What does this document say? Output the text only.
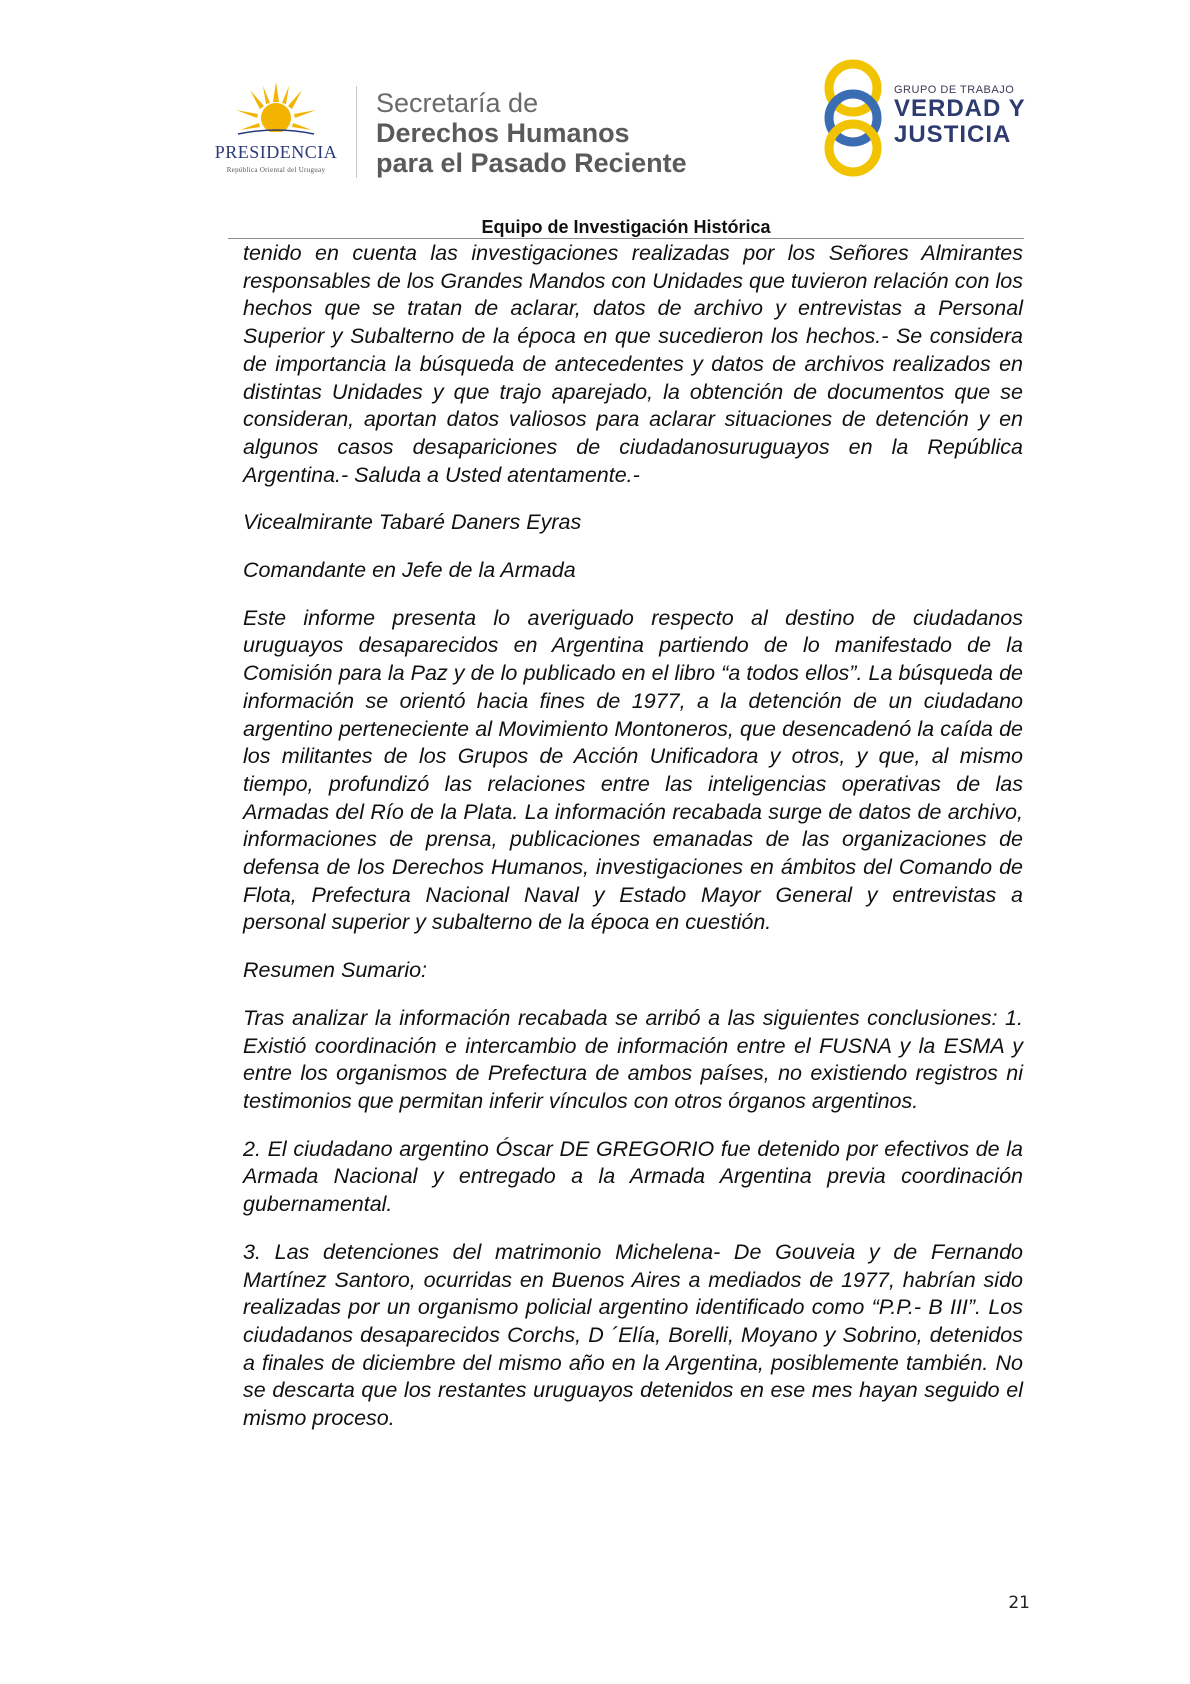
PRESIDENCIA
República Oriental del Uruguay
Secretaría de
Derechos Humanos
para el Pasado Reciente
GRUPO DE TRABAJO
VERDAD Y
JUSTICIA
Equipo de Investigación Histórica

tenido en cuenta las investigaciones realizadas por los Señores Almirantes responsables de los Grandes Mandos con Unidades que tuvieron relación con los hechos que se tratan de aclarar, datos de archivo y entrevistas a Personal Superior y Subalterno de la época en que sucedieron los hechos.- Se considera de importancia la búsqueda de antecedentes y datos de archivos realizados en distintas Unidades y que trajo aparejado, la obtención de documentos que se consideran, aportan datos valiosos para aclarar situaciones de detención y en algunos casos desapariciones de ciudadanosuruguayos en la República Argentina.- Saluda a Usted atentamente.-

Vicealmirante Tabaré Daners Eyras

Comandante en Jefe de la Armada

Este informe presenta lo averiguado respecto al destino de ciudadanos uruguayos desaparecidos en Argentina partiendo de lo manifestado de la Comisión para la Paz y de lo publicado en el libro “a todos ellos”. La búsqueda de información se orientó hacia fines de 1977, a la detención de un ciudadano argentino perteneciente al Movimiento Montoneros, que desencadenó la caída de los militantes de los Grupos de Acción Unificadora y otros, y que, al mismo tiempo, profundizó las relaciones entre las inteligencias operativas de las Armadas del Río de la Plata. La información recabada surge de datos de archivo, informaciones de prensa, publicaciones emanadas de las organizaciones de defensa de los Derechos Humanos, investigaciones en ámbitos del Comando de Flota, Prefectura Nacional Naval y Estado Mayor General y entrevistas a personal superior y subalterno de la época en cuestión.

Resumen Sumario:

Tras analizar la información recabada se arribó a las siguientes conclusiones: 1. Existió coordinación e intercambio de información entre el FUSNA y la ESMA y entre los organismos de Prefectura de ambos países, no existiendo registros ni testimonios que permitan inferir vínculos con otros órganos argentinos.

2. El ciudadano argentino Óscar DE GREGORIO fue detenido por efectivos de la Armada Nacional y entregado a la Armada Argentina previa coordinación gubernamental.

3. Las detenciones del matrimonio Michelena- De Gouveia y de Fernando Martínez Santoro, ocurridas en Buenos Aires a mediados de 1977, habrían sido realizadas por un organismo policial argentino identificado como “P.P.- B III”. Los ciudadanos desaparecidos Corchs, D ´Elía, Borelli, Moyano y Sobrino, detenidos a finales de diciembre del mismo año en la Argentina, posiblemente también. No se descarta que los restantes uruguayos detenidos en ese mes hayan seguido el mismo proceso.

21
